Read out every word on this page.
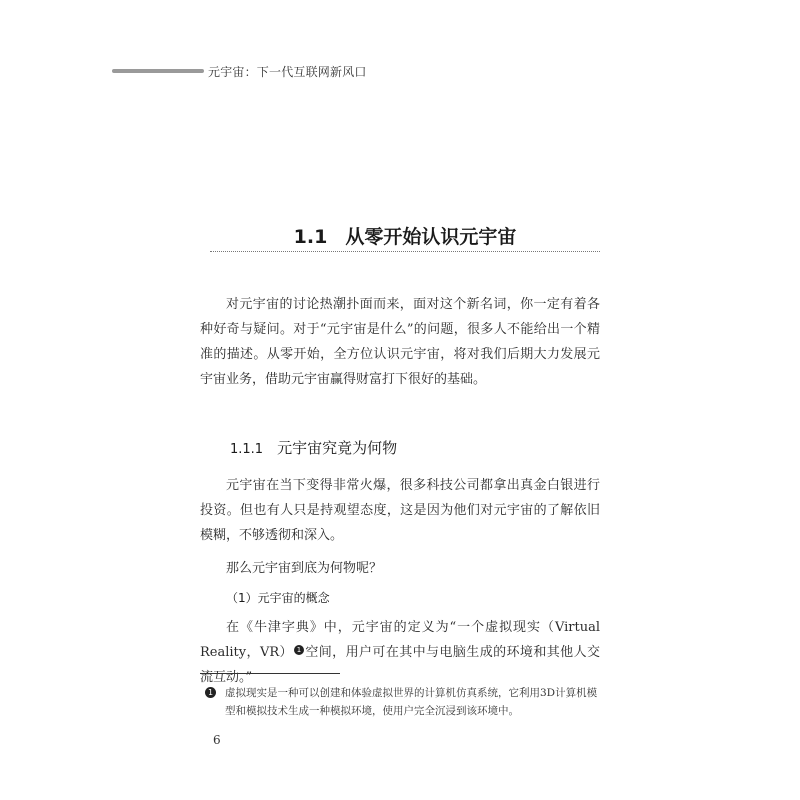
元宇宙：下一代互联网新风口
1.1 从零开始认识元宇宙

对元宇宙的讨论热潮扑面而来，面对这个新名词，你一定有着各种好奇与疑问。对于“元宇宙是什么”的问题，很多人不能给出一个精准的描述。从零开始，全方位认识元宇宙，将对我们后期大力发展元宇宙业务，借助元宇宙赢得财富打下很好的基础。

1.1.1 元宇宙究竟为何物

元宇宙在当下变得非常火爆，很多科技公司都拿出真金白银进行投资。但也有人只是持观望态度，这是因为他们对元宇宙的了解依旧模糊，不够透彻和深入。

那么元宇宙到底为何物呢？

（1）元宇宙的概念

在《牛津字典》中，元宇宙的定义为“一个虚拟现实（Virtual Reality，VR） 1 空间，用户可在其中与电脑生成的环境和其他人交流互动。”

1 虚拟现实是一种可以创建和体验虚拟世界的计算机仿真系统，它利用3D计算机模型和模拟技术生成一种模拟环境，使用户完全沉浸到该环境中。

6
